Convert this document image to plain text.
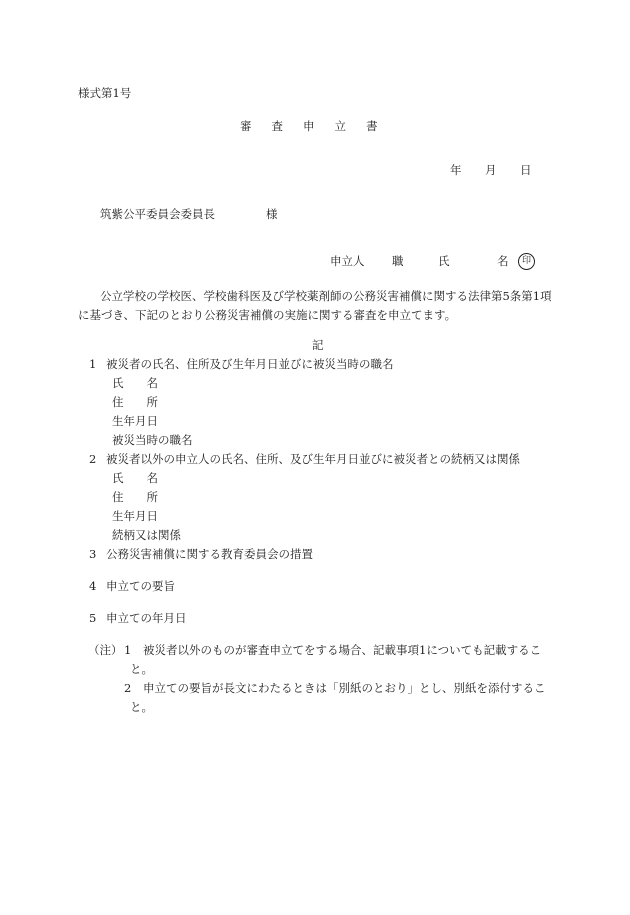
様式第1号
審査申立書
年 月 日
筑紫公平委員会委員長	様
申立人 職	氏	名	印
公立学校の学校医、学校歯科医及び学校薬剤師の公務災害補償に関する法律第5条第1項に基づき、下記のとおり公務災害補償の実施に関する審査を申立てます。
記
1 被災者の氏名、住所及び生年月日並びに被災当時の職名
氏　　名
住　　所
生年月日
被災当時の職名
2 被災者以外の申立人の氏名、住所、及び生年月日並びに被災者との続柄又は関係
氏　　名
住　　所
生年月日
続柄又は関係
3 公務災害補償に関する教育委員会の措置
4 申立ての要旨
5 申立ての年月日
（注） 1 被災者以外のものが審査申立てをする場合、記載事項1についても記載するこ
と。
2 申立ての要旨が長文にわたるときは「別紙のとおり」とし、別紙を添付するこ
と。
